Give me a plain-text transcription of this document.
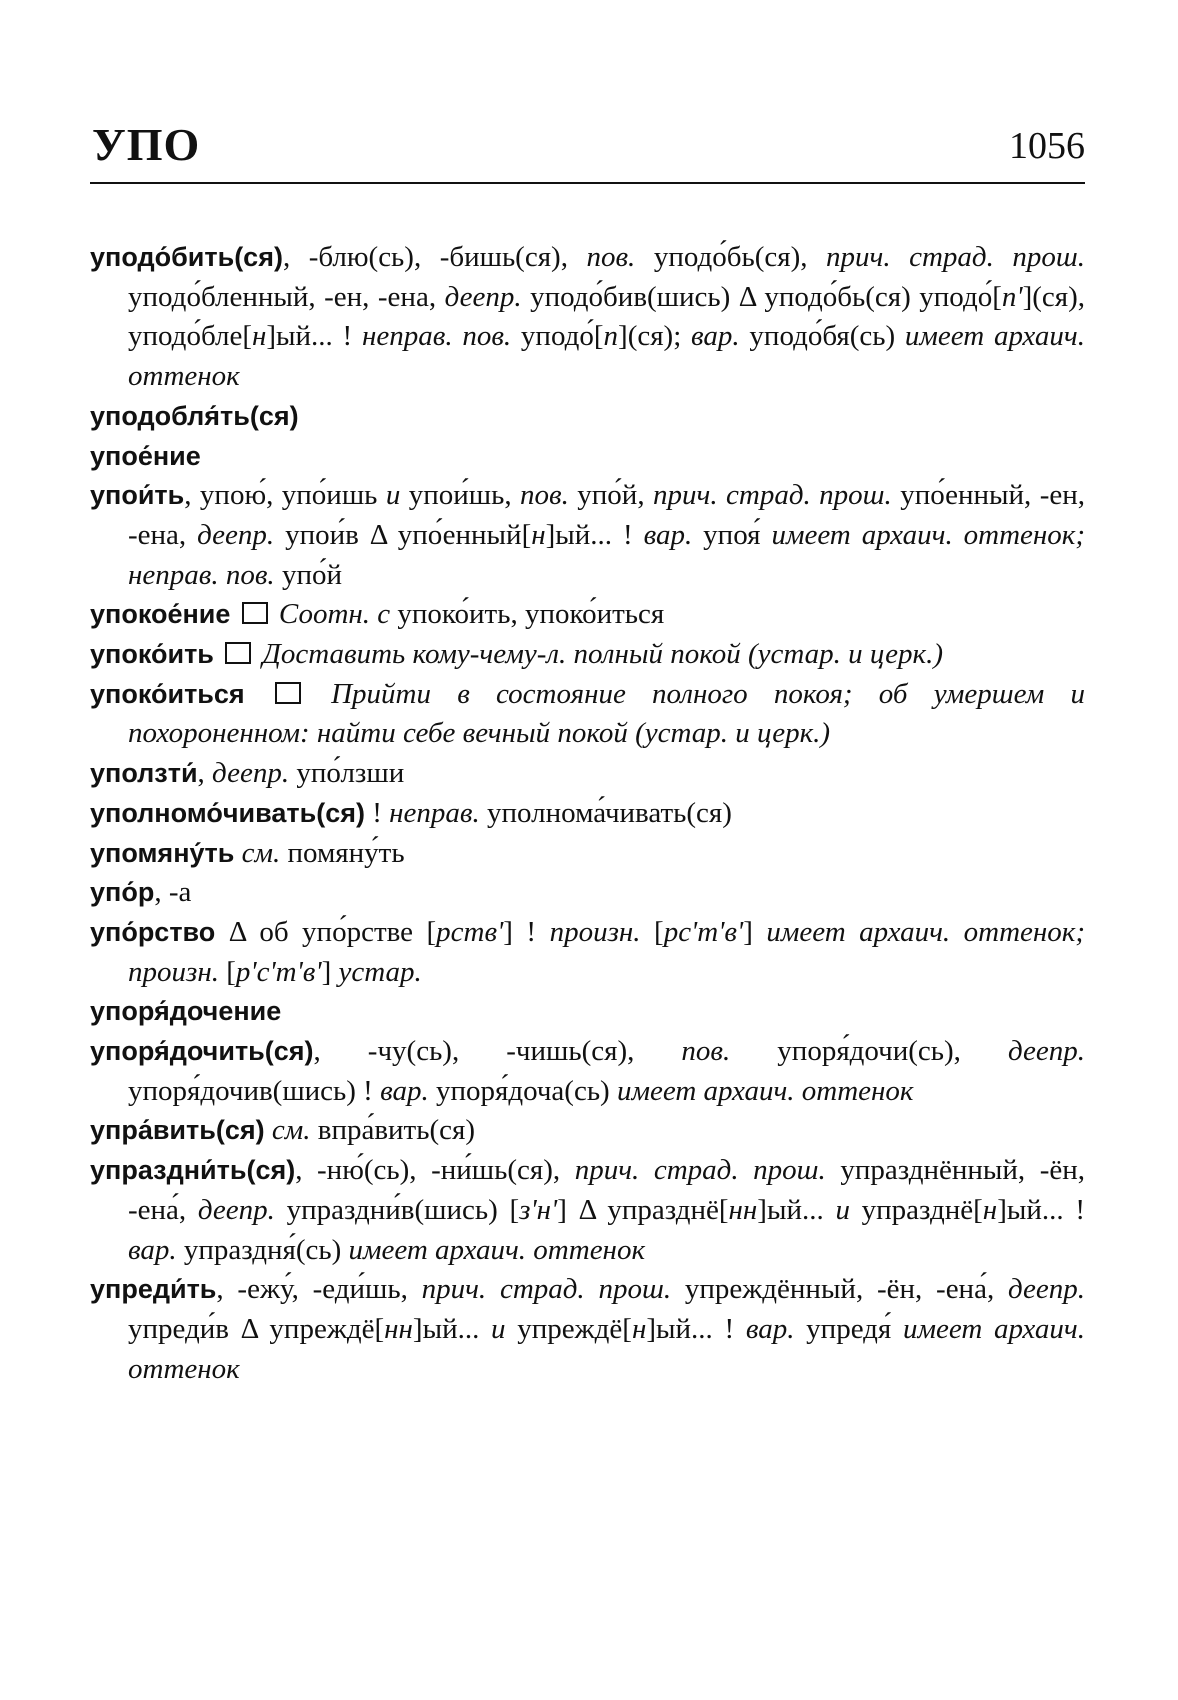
УПО	1056

уподо́бить(ся), -блю(сь), -бишь(ся), пов. уподо́бь(ся), прич. страд. прош. уподо́бленный, -ен, -ена, деепр. уподо́бив(шись) Δ уподо́бь(ся) уподо́[п'](ся), уподо́бле[н]ый... ! неправ. пов. уподо́[п](ся); вар. уподо́бя(сь) имеет архаич. оттенок

уподобля́ть(ся)

упое́ние

упои́ть, упою́, упо́ишь и упои́шь, пов. упо́й, прич. страд. прош. упо́енный, -ен, -ена, деепр. упои́в Δ упо́енный[н]ый... ! вар. упоя́ имеет архаич. оттенок; неправ. пов. упо́й

упокое́ние Соотн. с упоко́ить, упоко́иться

упоко́ить Доставить кому-чему-л. полный покой (устар. и церк.)

упоко́иться	Прийти в состояние полного покоя; об умершем и похороненном: найти себе вечный покой (устар. и церк.)

уползти́, деепр. упо́лзши

уполномо́чивать(ся) ! неправ. уполнома́чивать(ся)

упомяну́ть см. помяну́ть

упо́р, -а

упо́рство Δ об упо́рстве [рств'] ! произн. [рс'т'в'] имеет архаич. оттенок; произн. [р'с'т'в'] устар.

упоря́дочение

упоря́дочить(ся), -чу(сь), -чишь(ся), пов. упоря́дочи(сь), деепр. упоря́дочив(шись) ! вар. упоря́доча(сь) имеет архаич. оттенок

упра́вить(ся) см. впра́вить(ся)

упраздни́ть(ся), -ню́(сь), -ни́шь(ся), прич. страд. прош. упразднённый, -ён, -ена́, деепр. упраздни́в(шись) [з'н'] Δ упразднё[нн]ый... и упразднё[н]ый... ! вар. упраздня́(сь) имеет архаич. оттенок

упреди́ть, -ежу́, -еди́шь, прич. страд. прош. упреждённый, -ён, -ена́, деепр. упреди́в Δ упреждё[нн]ый... и упреждё[н]ый... ! вар. упредя́ имеет архаич. оттенок
